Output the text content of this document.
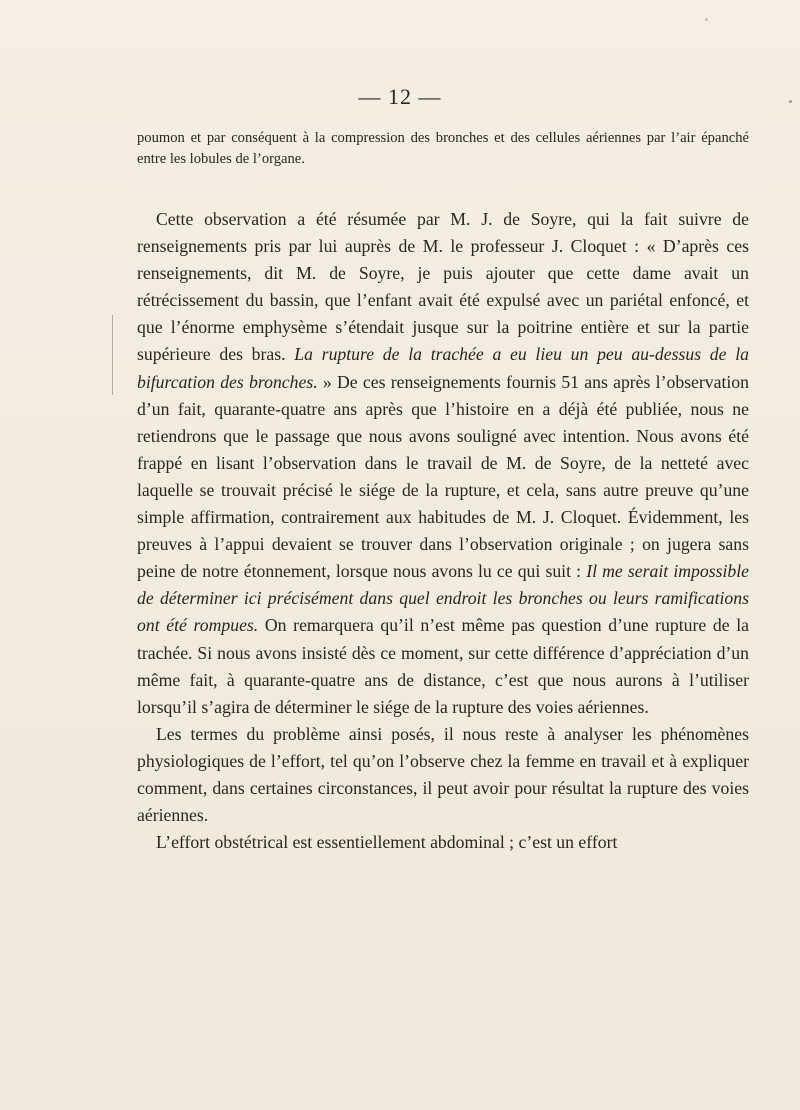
— 12 —
poumon et par conséquent à la compression des bronches et des cellules aériennes par l’air épanché entre les lobules de l’organe.

Cette observation a été résumée par M. J. de Soyre, qui la fait suivre de renseignements pris par lui auprès de M. le professeur J. Cloquet : « D’après ces renseignements, dit M. de Soyre, je puis ajouter que cette dame avait un rétrécissement du bassin, que l’enfant avait été expulsé avec un pariétal enfoncé, et que l’énorme emphysème s’étendait jusque sur la poitrine entière et sur la partie supérieure des bras. La rupture de la trachée a eu lieu un peu au-dessus de la bifurcation des bronches. » De ces renseignements fournis 51 ans après l’observation d’un fait, quarante-quatre ans après que l’histoire en a déjà été publiée, nous ne retiendrons que le passage que nous avons souligné avec intention. Nous avons été frappé en lisant l’observation dans le travail de M. de Soyre, de la netteté avec laquelle se trouvait précisé le siége de la rupture, et cela, sans autre preuve qu’une simple affirmation, contrairement aux habitudes de M. J. Cloquet. Évidemment, les preuves à l’appui devaient se trouver dans l’observation originale ; on jugera sans peine de notre étonnement, lorsque nous avons lu ce qui suit : Il me serait impossible de déterminer ici précisément dans quel endroit les bronches ou leurs ramifications ont été rompues. On remarquera qu’il n’est même pas question d’une rupture de la trachée. Si nous avons insisté dès ce moment, sur cette différence d’appréciation d’un même fait, à quarante-quatre ans de distance, c’est que nous aurons à l’utiliser lorsqu’il s’agira de déterminer le siége de la rupture des voies aériennes.

Les termes du problème ainsi posés, il nous reste à analyser les phénomènes physiologiques de l’effort, tel qu’on l’observe chez la femme en travail et à expliquer comment, dans certaines circonstances, il peut avoir pour résultat la rupture des voies aériennes.

L’effort obstétrical est essentiellement abdominal ; c’est un effort
